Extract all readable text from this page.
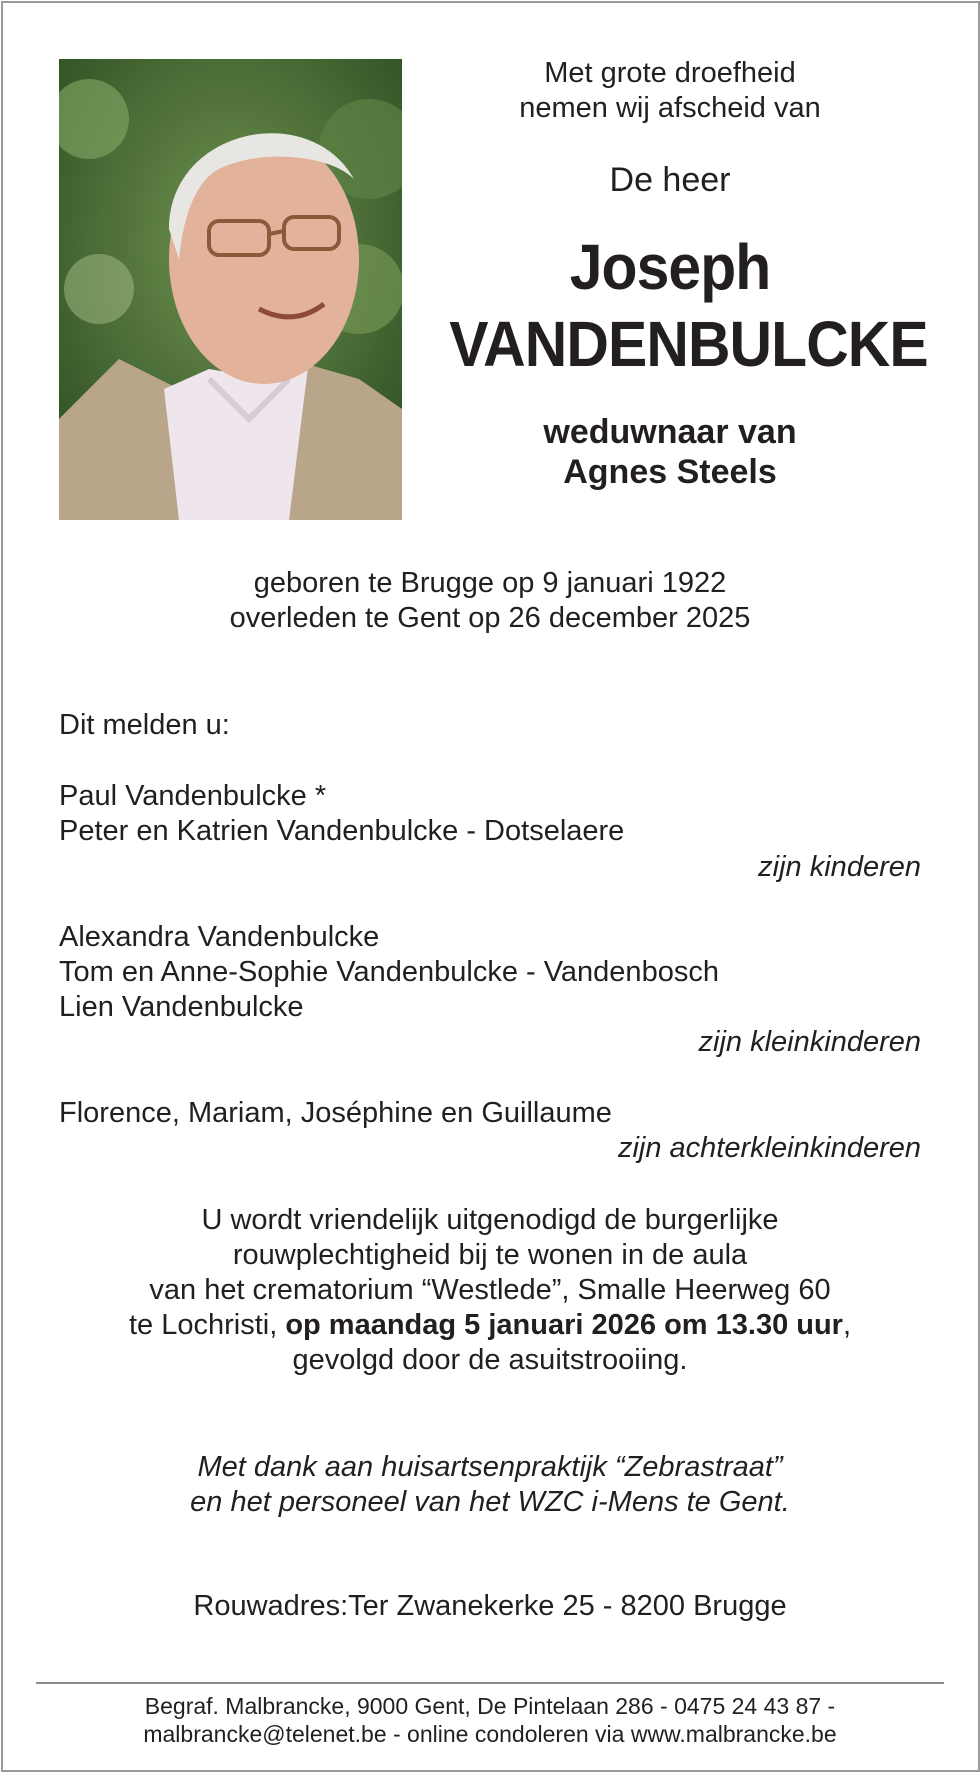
Met grote droefheid
nemen wij afscheid van
De heer
Joseph
VANDENBULCKE
weduwnaar van
Agnes Steels
geboren te Brugge op 9 januari 1922
overleden te Gent op 26 december 2025
Dit melden u:
Paul Vandenbulcke *
Peter en Katrien Vandenbulcke - Dotselaere
zijn kinderen
Alexandra Vandenbulcke
Tom en Anne-Sophie Vandenbulcke - Vandenbosch
Lien Vandenbulcke
zijn kleinkinderen
Florence, Mariam, Joséphine en Guillaume
zijn achterkleinkinderen
U wordt vriendelijk uitgenodigd de burgerlijke
rouwplechtigheid bij te wonen in de aula
van het crematorium “Westlede”, Smalle Heerweg 60
te Lochristi, op maandag 5 januari 2026 om 13.30 uur,
gevolgd door de asuitstrooiing.
Met dank aan huisartsenpraktijk “Zebrastraat”
en het personeel van het WZC i-Mens te Gent.
Rouwadres:Ter Zwanekerke 25 - 8200 Brugge
Begraf. Malbrancke, 9000 Gent, De Pintelaan 286 - 0475 24 43 87 -
malbrancke@telenet.be - online condoleren via www.malbrancke.be
